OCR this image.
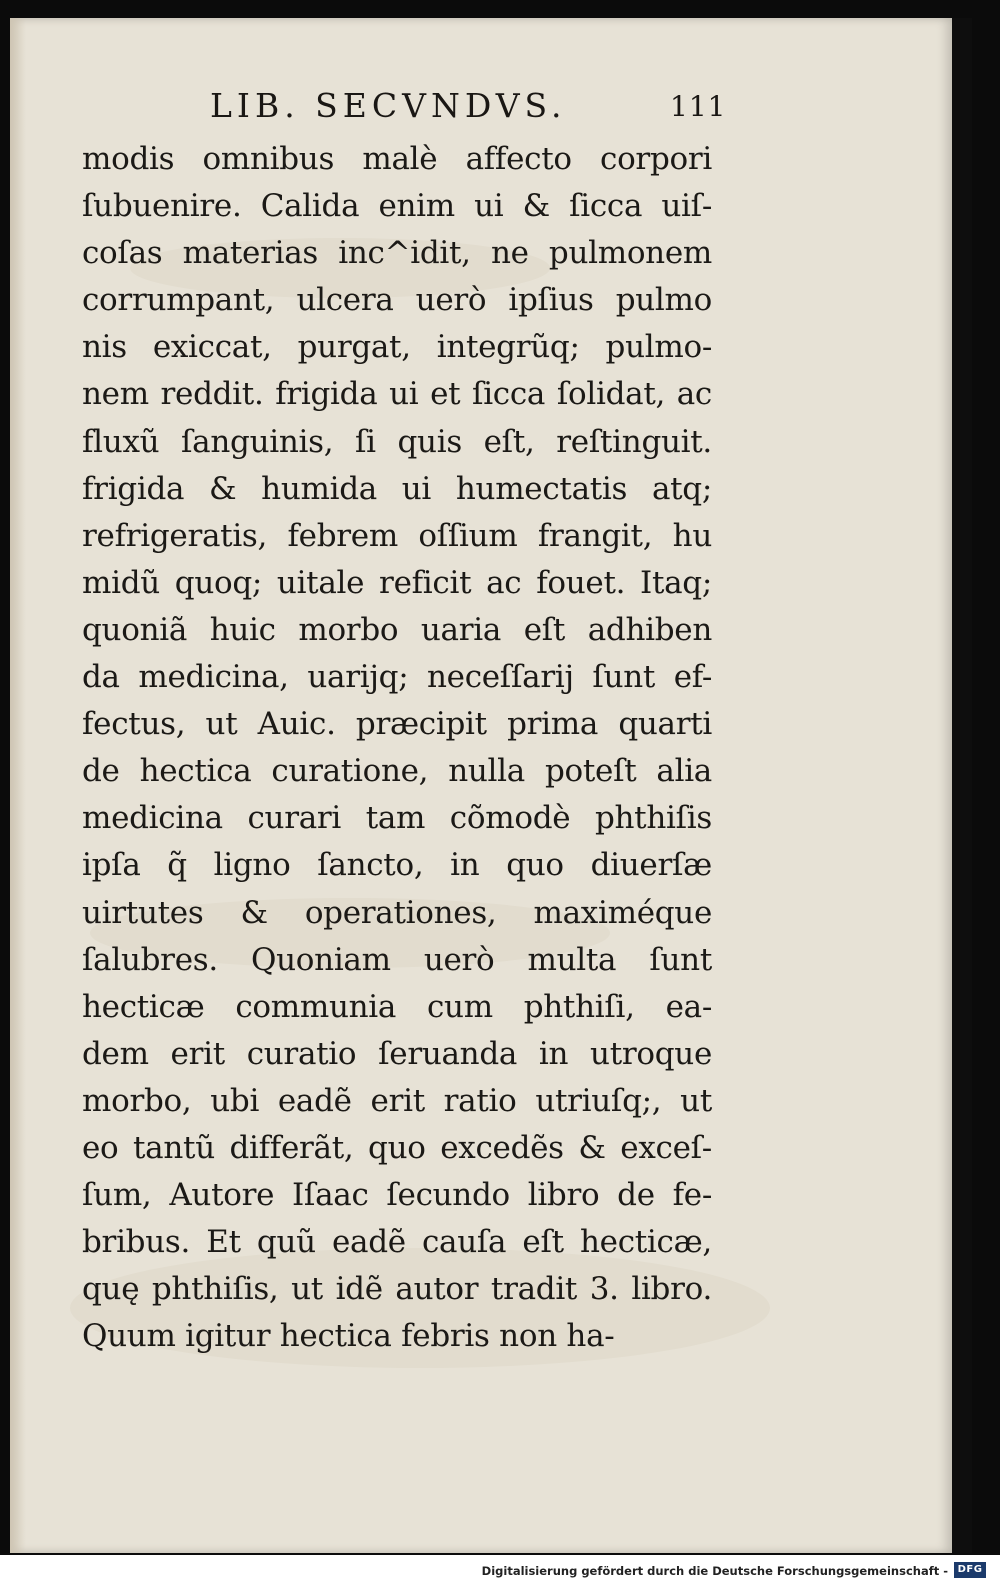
LIB. SECVNDVS.	111
modis omnibus malè affecto corpori
ſubuenire. Calida enim ui & ſicca uiſ-
coſas materias inc^idit, ne pulmonem
corrumpant, ulcera uerò ipſius pulmo
nis exiccat, purgat, integrũq; pulmo-
nem reddit. frigida ui et ſicca ſolidat, ac
fluxũ ſanguinis, ſi quis eſt, reſtinguit.
frigida & humida ui humectatis atq;
refrigeratis, febrem oſſium frangit, hu
midũ quoq; uitale reficit ac fouet. Itaq;
quoniã huic morbo uaria eſt adhiben
da medicina, uarijq; neceſſarij ſunt ef-
fectus, ut Auic. præcipit prima quarti
de hectica curatione, nulla poteſt alia
medicina curari tam cõmodè phthiſis
ipſa q̃ ligno ſancto, in quo diuerſæ
uirtutes & operationes, maximéque
ſalubres. Quoniam uerò multa ſunt
hecticæ communia cum phthiſi, ea-
dem erit curatio ſeruanda in utroque
morbo, ubi eadẽ erit ratio utriuſq;, ut
eo tantũ differãt, quo excedẽs & exceſ-
ſum, Autore Iſaac ſecundo libro de fe-
bribus. Et quũ eadẽ cauſa eſt hecticæ,
quę phthiſis, ut idẽ autor tradit 3. libro.
Quum igitur hectica febris non ha-
Digitalisierung gefördert durch die Deutsche Forschungsgemeinschaft - DFG
